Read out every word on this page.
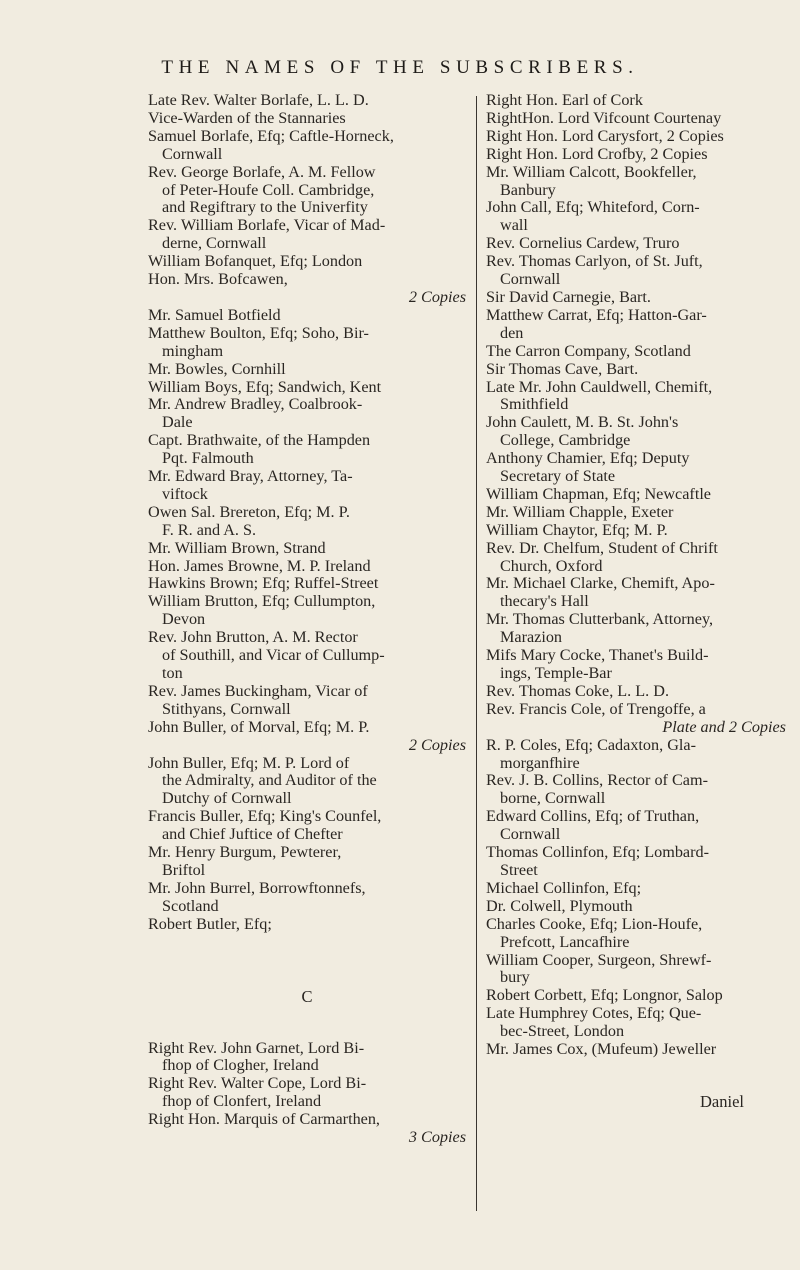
THE NAMES OF THE SUBSCRIBERS.
Late Rev. Walter Borlafe, L. L. D.
Vice-Warden of the Stannaries
Samuel Borlafe, Efq; Caftle-Horneck,
Cornwall
Rev. George Borlafe, A. M. Fellow
of Peter-Houfe Coll. Cambridge,
and Regiftrary to the Univerfity
Rev. William Borlafe, Vicar of Mad-
derne, Cornwall
William Bofanquet, Efq; London
Hon. Mrs. Bofcawen,
2 Copies
Mr. Samuel Botfield
Matthew Boulton, Efq; Soho, Bir-
mingham
Mr. Bowles, Cornhill
William Boys, Efq; Sandwich, Kent
Mr. Andrew Bradley, Coalbrook-
Dale
Capt. Brathwaite, of the Hampden
Pqt. Falmouth
Mr. Edward Bray, Attorney, Ta-
viftock
Owen Sal. Brereton, Efq; M. P.
F. R. and A. S.
Mr. William Brown, Strand
Hon. James Browne, M. P. Ireland
Hawkins Brown; Efq; Ruffel-Street
William Brutton, Efq; Cullumpton,
Devon
Rev. John Brutton, A. M. Rector
of Southill, and Vicar of Cullump-
ton
Rev. James Buckingham, Vicar of
Stithyans, Cornwall
John Buller, of Morval, Efq; M. P.
2 Copies
John Buller, Efq; M. P. Lord of
the Admiralty, and Auditor of the
Dutchy of Cornwall
Francis Buller, Efq; King's Counfel,
and Chief Juftice of Chefter
Mr. Henry Burgum, Pewterer,
Briftol
Mr. John Burrel, Borrowftonnefs,
Scotland
Robert Butler, Efq;
C
Right Rev. John Garnet, Lord Bi-
fhop of Clogher, Ireland
Right Rev. Walter Cope, Lord Bi-
fhop of Clonfert, Ireland
Right Hon. Marquis of Carmarthen,
3 Copies
Right Hon. Earl of Cork
RightHon. Lord Vifcount Courtenay
Right Hon. Lord Carysfort, 2 Copies
Right Hon. Lord Crofby, 2 Copies
Mr. William Calcott, Bookfeller,
Banbury
John Call, Efq; Whiteford, Corn-
wall
Rev. Cornelius Cardew, Truro
Rev. Thomas Carlyon, of St. Juft,
Cornwall
Sir David Carnegie, Bart.
Matthew Carrat, Efq; Hatton-Gar-
den
The Carron Company, Scotland
Sir Thomas Cave, Bart.
Late Mr. John Cauldwell, Chemift,
Smithfield
John Caulett, M. B. St. John's
College, Cambridge
Anthony Chamier, Efq; Deputy
Secretary of State
William Chapman, Efq; Newcaftle
Mr. William Chapple, Exeter
William Chaytor, Efq; M. P.
Rev. Dr. Chelfum, Student of Chrift
Church, Oxford
Mr. Michael Clarke, Chemift, Apo-
thecary's Hall
Mr. Thomas Clutterbank, Attorney,
Marazion
Mifs Mary Cocke, Thanet's Build-
ings, Temple-Bar
Rev. Thomas Coke, L. L. D.
Rev. Francis Cole, of Trengoffe, a
Plate and 2 Copies
R. P. Coles, Efq; Cadaxton, Gla-
morganfhire
Rev. J. B. Collins, Rector of Cam-
borne, Cornwall
Edward Collins, Efq; of Truthan,
Cornwall
Thomas Collinfon, Efq; Lombard-
Street
Michael Collinfon, Efq;
Dr. Colwell, Plymouth
Charles Cooke, Efq; Lion-Houfe,
Prefcott, Lancafhire
William Cooper, Surgeon, Shrewf-
bury
Robert Corbett, Efq; Longnor, Salop
Late Humphrey Cotes, Efq; Que-
bec-Street, London
Mr. James Cox, (Mufeum) Jeweller
Daniel
